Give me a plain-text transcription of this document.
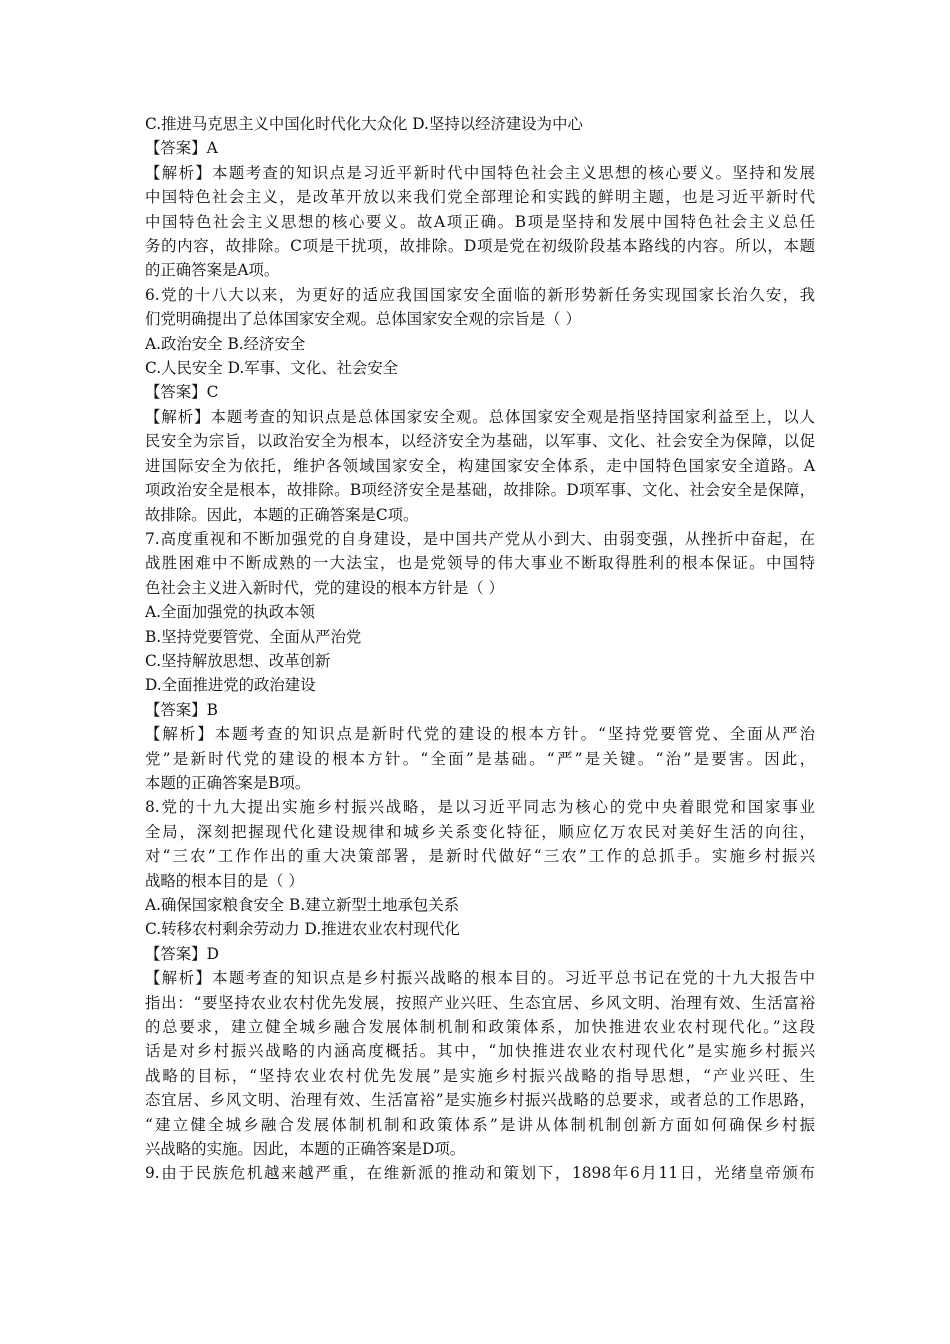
C.推进马克思主义中国化时代化大众化 D.坚持以经济建设为中心
【答案】A
【解析】本题考查的知识点是习近平新时代中国特色社会主义思想的核心要义。坚持和发展
中国特色社会主义，是改革开放以来我们党全部理论和实践的鲜明主题，也是习近平新时代
中国特色社会主义思想的核心要义。故A项正确。B项是坚持和发展中国特色社会主义总任
务的内容，故排除。C项是干扰项，故排除。D项是党在初级阶段基本路线的内容。所以，本题
的正确答案是A项。
6.党的十八大以来，为更好的适应我国国家安全面临的新形势新任务实现国家长治久安，我
们党明确提出了总体国家安全观。总体国家安全观的宗旨是（ ）
A.政治安全 B.经济安全
C.人民安全 D.军事、文化、社会安全
【答案】C
【解析】本题考查的知识点是总体国家安全观。总体国家安全观是指坚持国家利益至上，以人
民安全为宗旨，以政治安全为根本，以经济安全为基础，以军事、文化、社会安全为保障，以促
进国际安全为依托，维护各领域国家安全，构建国家安全体系，走中国特色国家安全道路。A
项政治安全是根本，故排除。B项经济安全是基础，故排除。D项军事、文化、社会安全是保障，
故排除。因此，本题的正确答案是C项。
7.高度重视和不断加强党的自身建设，是中国共产党从小到大、由弱变强，从挫折中奋起，在
战胜困难中不断成熟的一大法宝，也是党领导的伟大事业不断取得胜利的根本保证。中国特
色社会主义进入新时代，党的建设的根本方针是（ ）
A.全面加强党的执政本领
B.坚持党要管党、全面从严治党
C.坚持解放思想、改革创新
D.全面推进党的政治建设
【答案】B
【解析】本题考查的知识点是新时代党的建设的根本方针。“坚持党要管党、全面从严治
党”是新时代党的建设的根本方针。“全面”是基础。“严”是关键。“治”是要害。因此，
本题的正确答案是B项。
8.党的十九大提出实施乡村振兴战略，是以习近平同志为核心的党中央着眼党和国家事业
全局，深刻把握现代化建设规律和城乡关系变化特征，顺应亿万农民对美好生活的向往，
对“三农”工作作出的重大决策部署，是新时代做好“三农”工作的总抓手。实施乡村振兴
战略的根本目的是（ ）
A.确保国家粮食安全 B.建立新型土地承包关系
C.转移农村剩余劳动力 D.推进农业农村现代化
【答案】D
【解析】本题考查的知识点是乡村振兴战略的根本目的。习近平总书记在党的十九大报告中
指出：“要坚持农业农村优先发展，按照产业兴旺、生态宜居、乡风文明、治理有效、生活富裕
的总要求，建立健全城乡融合发展体制机制和政策体系，加快推进农业农村现代化。”这段
话是对乡村振兴战略的内涵高度概括。其中，“加快推进农业农村现代化”是实施乡村振兴
战略的目标，“坚持农业农村优先发展”是实施乡村振兴战略的指导思想，“产业兴旺、生
态宜居、乡风文明、治理有效、生活富裕”是实施乡村振兴战略的总要求，或者总的工作思路，
“建立健全城乡融合发展体制机制和政策体系”是讲从体制机制创新方面如何确保乡村振
兴战略的实施。因此，本题的正确答案是D项。
9.由于民族危机越来越严重，在维新派的推动和策划下，1898年6月11日，光绪皇帝颁布
